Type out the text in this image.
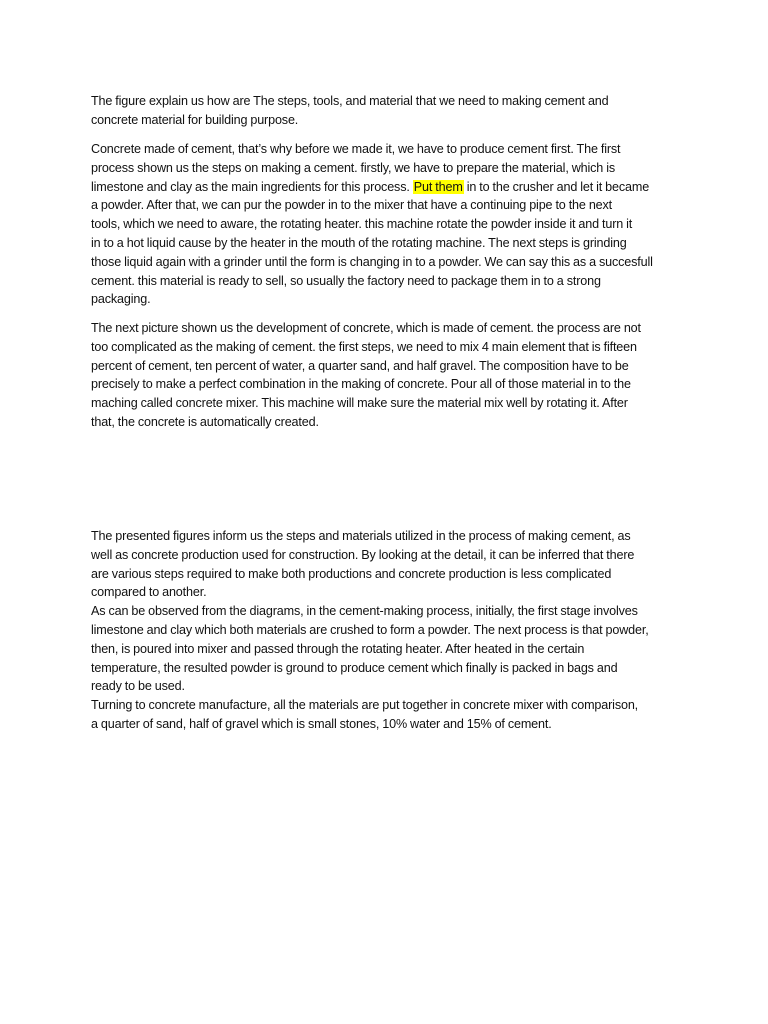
The figure explain us how are The steps, tools, and material that we need to making cement and
concrete material for building purpose.

Concrete made of cement, that’s why before we made it, we have to produce cement first. The first
process shown us the steps on making a cement. firstly, we have to prepare the material, which is
limestone and clay as the main ingredients for this process. Put them in to the crusher and let it became
a powder. After that, we can pur the powder in to the mixer that have a continuing pipe to the next
tools, which we need to aware, the rotating heater. this machine rotate the powder inside it and turn it
in to a hot liquid cause by the heater in the mouth of the rotating machine. The next steps is grinding
those liquid again with a grinder until the form is changing in to a powder. We can say this as a succesfull
cement. this material is ready to sell, so usually the factory need to package them in to a strong
packaging.

The next picture shown us the development of concrete, which is made of cement. the process are not
too complicated as the making of cement. the first steps, we need to mix 4 main element that is fifteen
percent of cement, ten percent of water, a quarter sand, and half gravel. The composition have to be
precisely to make a perfect combination in the making of concrete. Pour all of those material in to the
maching called concrete mixer. This machine will make sure the material mix well by rotating it. After
that, the concrete is automatically created.

The presented figures inform us the steps and materials utilized in the process of making cement, as
well as concrete production used for construction. By looking at the detail, it can be inferred that there
are various steps required to make both productions and concrete production is less complicated
compared to another.
As can be observed from the diagrams, in the cement-making process, initially, the first stage involves
limestone and clay which both materials are crushed to form a powder. The next process is that powder,
then, is poured into mixer and passed through the rotating heater. After heated in the certain
temperature, the resulted powder is ground to produce cement which finally is packed in bags and
ready to be used.
Turning to concrete manufacture, all the materials are put together in concrete mixer with comparison,
a quarter of sand, half of gravel which is small stones, 10% water and 15% of cement.
